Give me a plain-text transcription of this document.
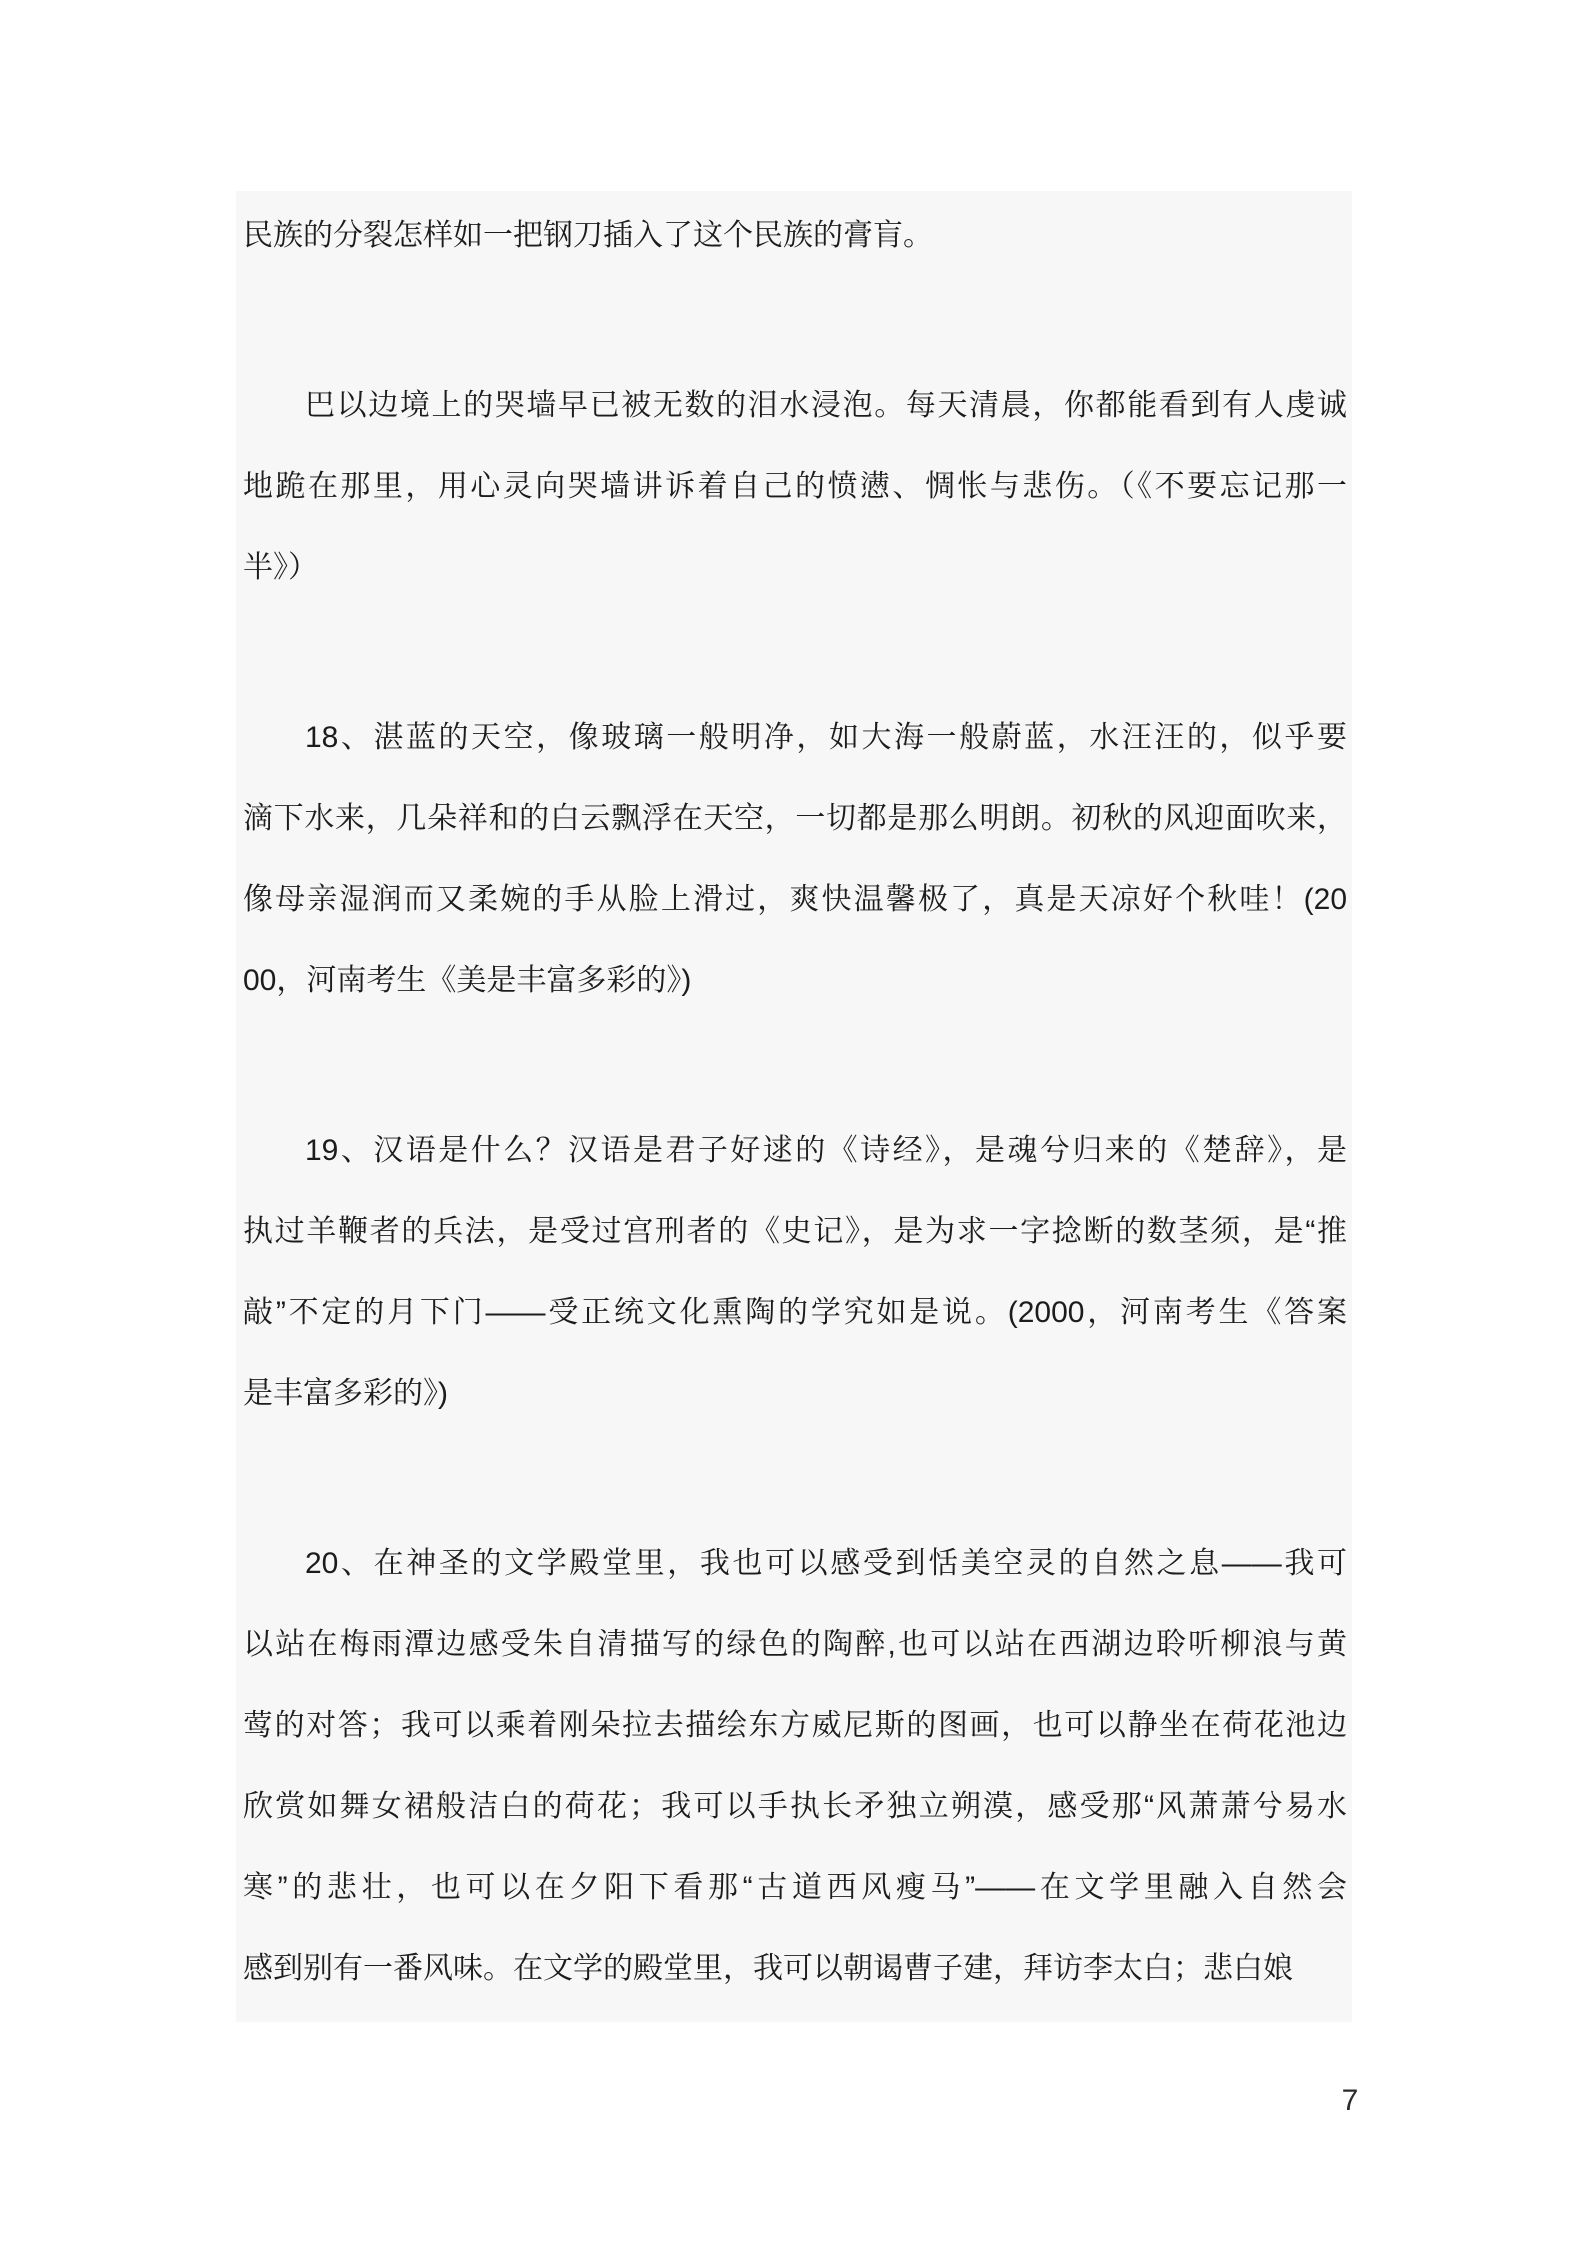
民族的分裂怎样如一把钢刀插入了这个民族的膏肓。
巴以边境上的哭墙早已被无数的泪水浸泡。每天清晨，你都能看到有人虔诚
地跪在那里，用心灵向哭墙讲诉着自己的愤懑、惆怅与悲伤。（《不要忘记那一
半》）
18、湛蓝的天空，像玻璃一般明净，如大海一般蔚蓝，水汪汪的，似乎要
滴下水来，几朵祥和的白云飘浮在天空，一切都是那么明朗。初秋的风迎面吹来，
像母亲湿润而又柔婉的手从脸上滑过，爽快温馨极了，真是天凉好个秋哇！(20
00，河南考生《美是丰富多彩的》)
19、汉语是什么？汉语是君子好逑的《诗经》，是魂兮归来的《楚辞》，是
执过羊鞭者的兵法，是受过宫刑者的《史记》，是为求一字捻断的数茎须，是“推
敲”不定的月下门——受正统文化熏陶的学究如是说。(2000，河南考生《答案
是丰富多彩的》)
20、在神圣的文学殿堂里，我也可以感受到恬美空灵的自然之息——我可
以站在梅雨潭边感受朱自清描写的绿色的陶醉,也可以站在西湖边聆听柳浪与黄
莺的对答；我可以乘着刚朵拉去描绘东方威尼斯的图画，也可以静坐在荷花池边
欣赏如舞女裙般洁白的荷花；我可以手执长矛独立朔漠，感受那“风萧萧兮易水
寒”的悲壮，也可以在夕阳下看那“古道西风瘦马”——在文学里融入自然会
感到别有一番风味。在文学的殿堂里，我可以朝谒曹子建，拜访李太白；悲白娘
7
